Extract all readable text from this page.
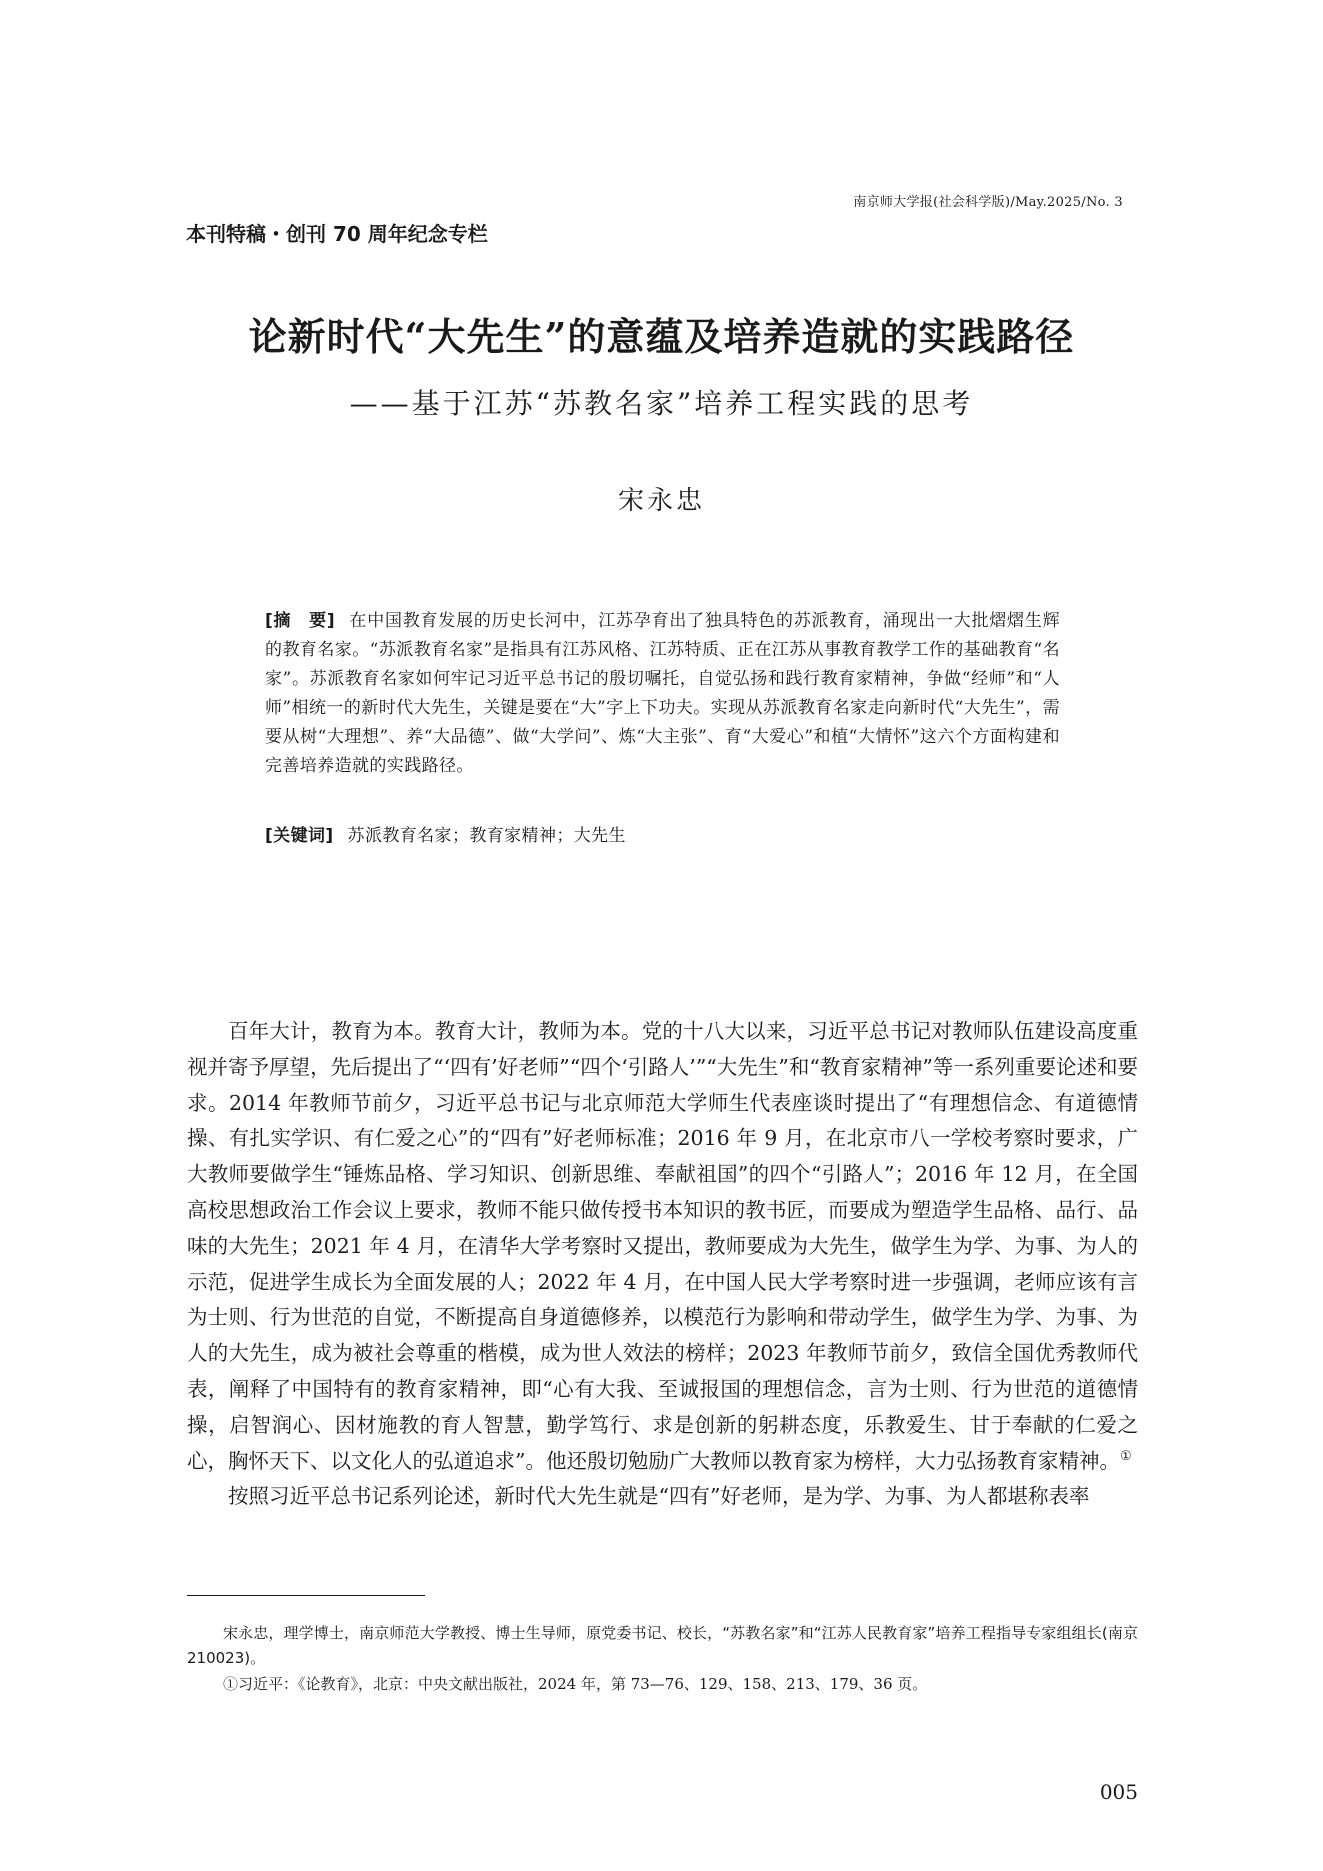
南京师大学报(社会科学版)/May.2025/No. 3
本刊特稿・创刊 70 周年纪念专栏
论新时代“大先生”的意蕴及培养造就的实践路径
——基于江苏“苏教名家”培养工程实践的思考
宋永忠
[摘　要] 在中国教育发展的历史长河中，江苏孕育出了独具特色的苏派教育，涌现出一大批熠熠生辉的教育名家。“苏派教育名家”是指具有江苏风格、江苏特质、正在江苏从事教育教学工作的基础教育“名家”。苏派教育名家如何牢记习近平总书记的殷切嘱托，自觉弘扬和践行教育家精神，争做“经师”和“人师”相统一的新时代大先生，关键是要在“大”字上下功夫。实现从苏派教育名家走向新时代“大先生”，需要从树“大理想”、养“大品德”、做“大学问”、炼“大主张”、育“大爱心”和植“大情怀”这六个方面构建和完善培养造就的实践路径。
[关键词] 苏派教育名家；教育家精神；大先生

百年大计，教育为本。教育大计，教师为本。党的十八大以来，习近平总书记对教师队伍建设高度重视并寄予厚望，先后提出了“‘四有’好老师”“四个‘引路人’”“大先生”和“教育家精神”等一系列重要论述和要求。2014 年教师节前夕，习近平总书记与北京师范大学师生代表座谈时提出了“有理想信念、有道德情操、有扎实学识、有仁爱之心”的“四有”好老师标准；2016 年 9 月，在北京市八一学校考察时要求，广大教师要做学生“锤炼品格、学习知识、创新思维、奉献祖国”的四个“引路人”；2016 年 12 月，在全国高校思想政治工作会议上要求，教师不能只做传授书本知识的教书匠，而要成为塑造学生品格、品行、品味的大先生；2021 年 4 月，在清华大学考察时又提出，教师要成为大先生，做学生为学、为事、为人的示范，促进学生成长为全面发展的人；2022 年 4 月，在中国人民大学考察时进一步强调，老师应该有言为士则、行为世范的自觉，不断提高自身道德修养，以模范行为影响和带动学生，做学生为学、为事、为人的大先生，成为被社会尊重的楷模，成为世人效法的榜样；2023 年教师节前夕，致信全国优秀教师代表，阐释了中国特有的教育家精神，即“心有大我、至诚报国的理想信念，言为士则、行为世范的道德情操，启智润心、因材施教的育人智慧，勤学笃行、求是创新的躬耕态度，乐教爱生、甘于奉献的仁爱之心，胸怀天下、以文化人的弘道追求”。他还殷切勉励广大教师以教育家为榜样，大力弘扬教育家精神。①

按照习近平总书记系列论述，新时代大先生就是“四有”好老师，是为学、为事、为人都堪称表率

宋永忠，理学博士，南京师范大学教授、博士生导师，原党委书记、校长，“苏教名家”和“江苏人民教育家”培养工程指导专家组组长(南京 210023)。
①习近平：《论教育》，北京：中央文献出版社，2024 年，第 73—76、129、158、213、179、36 页。
005
